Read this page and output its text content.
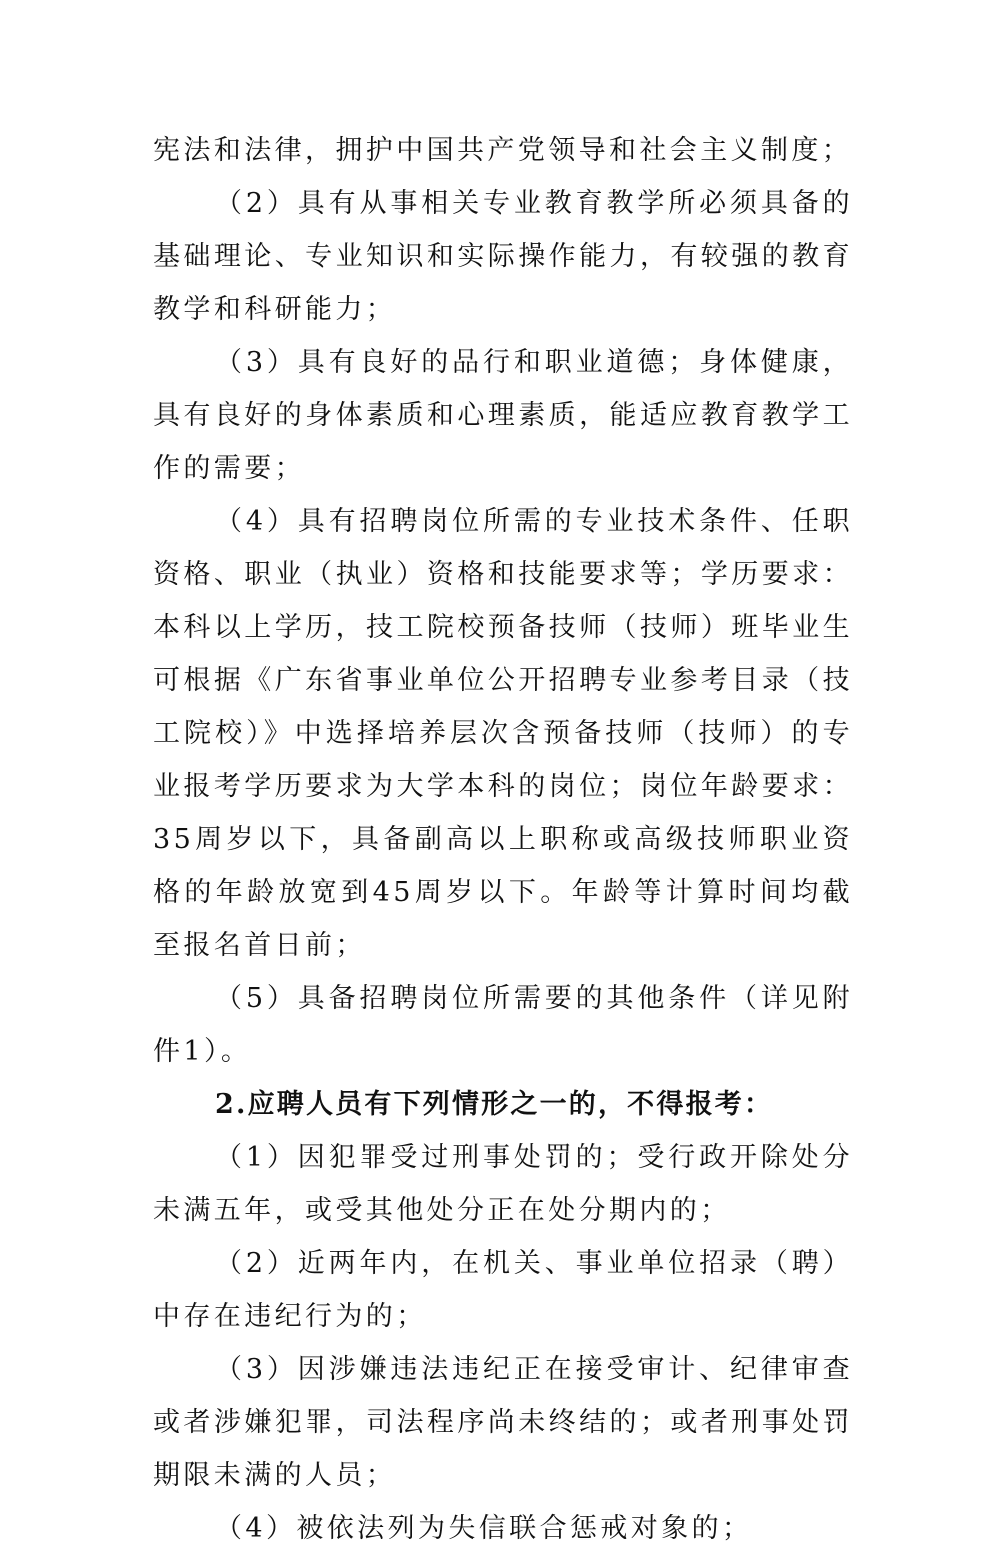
宪法和法律，拥护中国共产党领导和社会主义制度；

（2）具有从事相关专业教育教学所必须具备的基础理论、专业知识和实际操作能力，有较强的教育教学和科研能力；

（3）具有良好的品行和职业道德；身体健康，具有良好的身体素质和心理素质，能适应教育教学工作的需要；

（4）具有招聘岗位所需的专业技术条件、任职资格、职业（执业）资格和技能要求等；学历要求：本科以上学历，技工院校预备技师（技师）班毕业生可根据《广东省事业单位公开招聘专业参考目录（技工院校）》中选择培养层次含预备技师（技师）的专业报考学历要求为大学本科的岗位；岗位年龄要求：35周岁以下，具备副高以上职称或高级技师职业资格的年龄放宽到45周岁以下。年龄等计算时间均截至报名首日前；

（5）具备招聘岗位所需要的其他条件（详见附件1）。

2.应聘人员有下列情形之一的，不得报考：

（1）因犯罪受过刑事处罚的；受行政开除处分未满五年，或受其他处分正在处分期内的；

（2）近两年内，在机关、事业单位招录（聘）中存在违纪行为的；

（3）因涉嫌违法违纪正在接受审计、纪律审查或者涉嫌犯罪，司法程序尚未终结的；或者刑事处罚期限未满的人员；

（4）被依法列为失信联合惩戒对象的；
